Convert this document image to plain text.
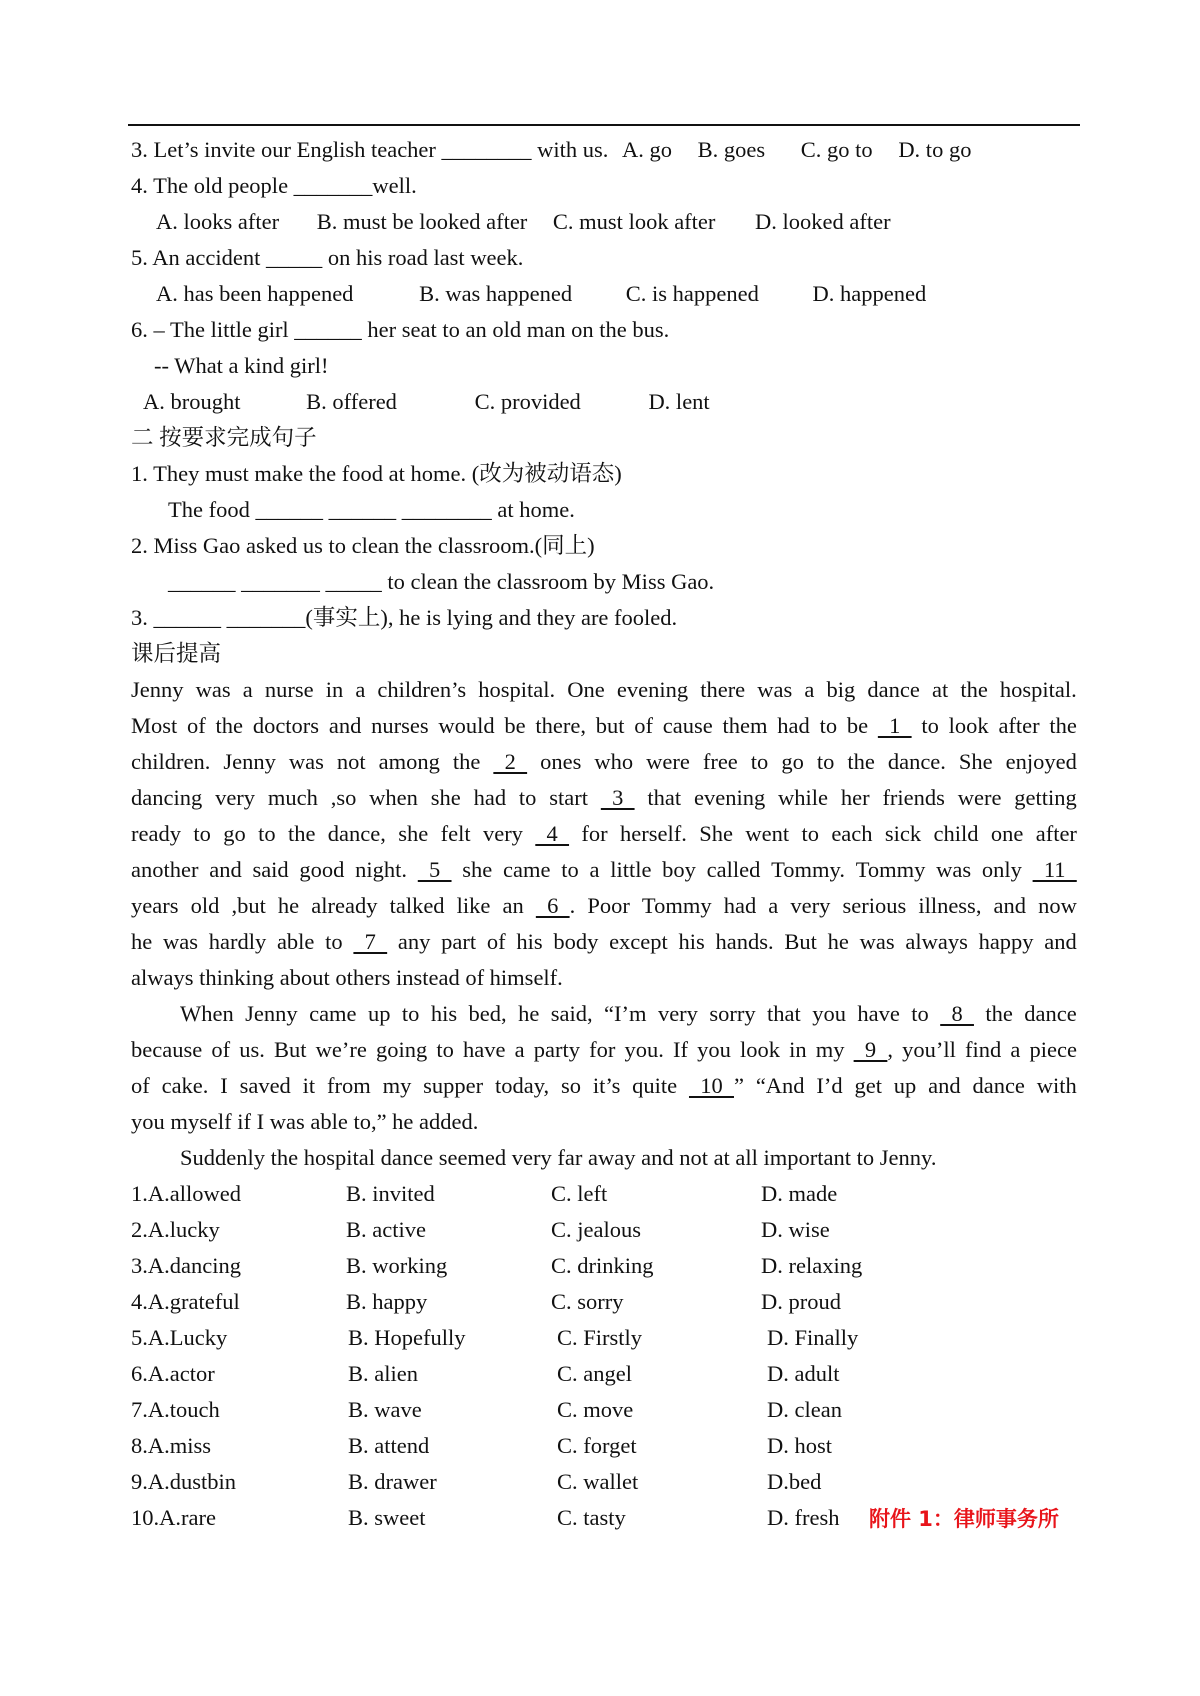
3. Let’s invite our English teacher ________ with us. A. go B. goes C. go to D. to go
4. The old people _______well.
A. looks after B. must be looked after C. must look after D. looked after
5. An accident _____ on his road last week.
A. has been happened	B. was happened C. is happened D. happened
6. – The little girl ______ her seat to an old man on the bus.
-- What a kind girl!
A. brought	B. offered	C. provided	D. lent
二 按要求完成句子
1. They must make the food at home. (改为被动语态)
The food ______ ______ ________ at home.
2. Miss Gao asked us to clean the classroom.(同上)
______ _______ _____ to clean the classroom by Miss Gao.
3. ______ _______(事实上), he is lying and they are fooled.
课后提高
Jenny was a nurse in a children’s hospital. One evening there was a big dance at the hospital.
Most of the doctors and nurses would be there, but of cause them had to be 1 to look after the
children. Jenny was not among the 2 ones who were free to go to the dance. She enjoyed
dancing very much ,so when she had to start 3 that evening while her friends were getting
ready to go to the dance, she felt very 4 for herself. She went to each sick child one after
another and said good night. 5 she came to a little boy called Tommy. Tommy was only 11
years old ,but he already talked like an 6  . Poor Tommy had a very serious illness, and now
he was hardly able to 7 any part of his body except his hands. But he was always happy and
always thinking about others instead of himself.
When Jenny came up to his bed, he said, “I’m very sorry that you have to 8 the dance
because of us. But we’re going to have a party for you. If you look in my 9  , you’ll find a piece
of cake. I saved it from my supper today, so it’s quite 10  ” “And I’d get up and dance with
you myself if I was able to,” he added.
Suddenly the hospital dance seemed very far away and not at all important to Jenny.
1.A.allowed	B. invited	C. left	D. made
2.A.lucky	B. active	C. jealous	D. wise
3.A.dancing	B. working	C. drinking	D. relaxing
4.A.grateful	B. happy	C. sorry	D. proud
5.A.Lucky	B. Hopefully	C. Firstly	D. Finally
6.A.actor	B. alien	C. angel	D. adult
7.A.touch	B. wave	C. move	D. clean
8.A.miss	B. attend	C. forget	D. host
9.A.dustbin	B. drawer	C. wallet	D.bed
10.A.rare	B. sweet	C. tasty	D. fresh 附件 1：律师事务所
